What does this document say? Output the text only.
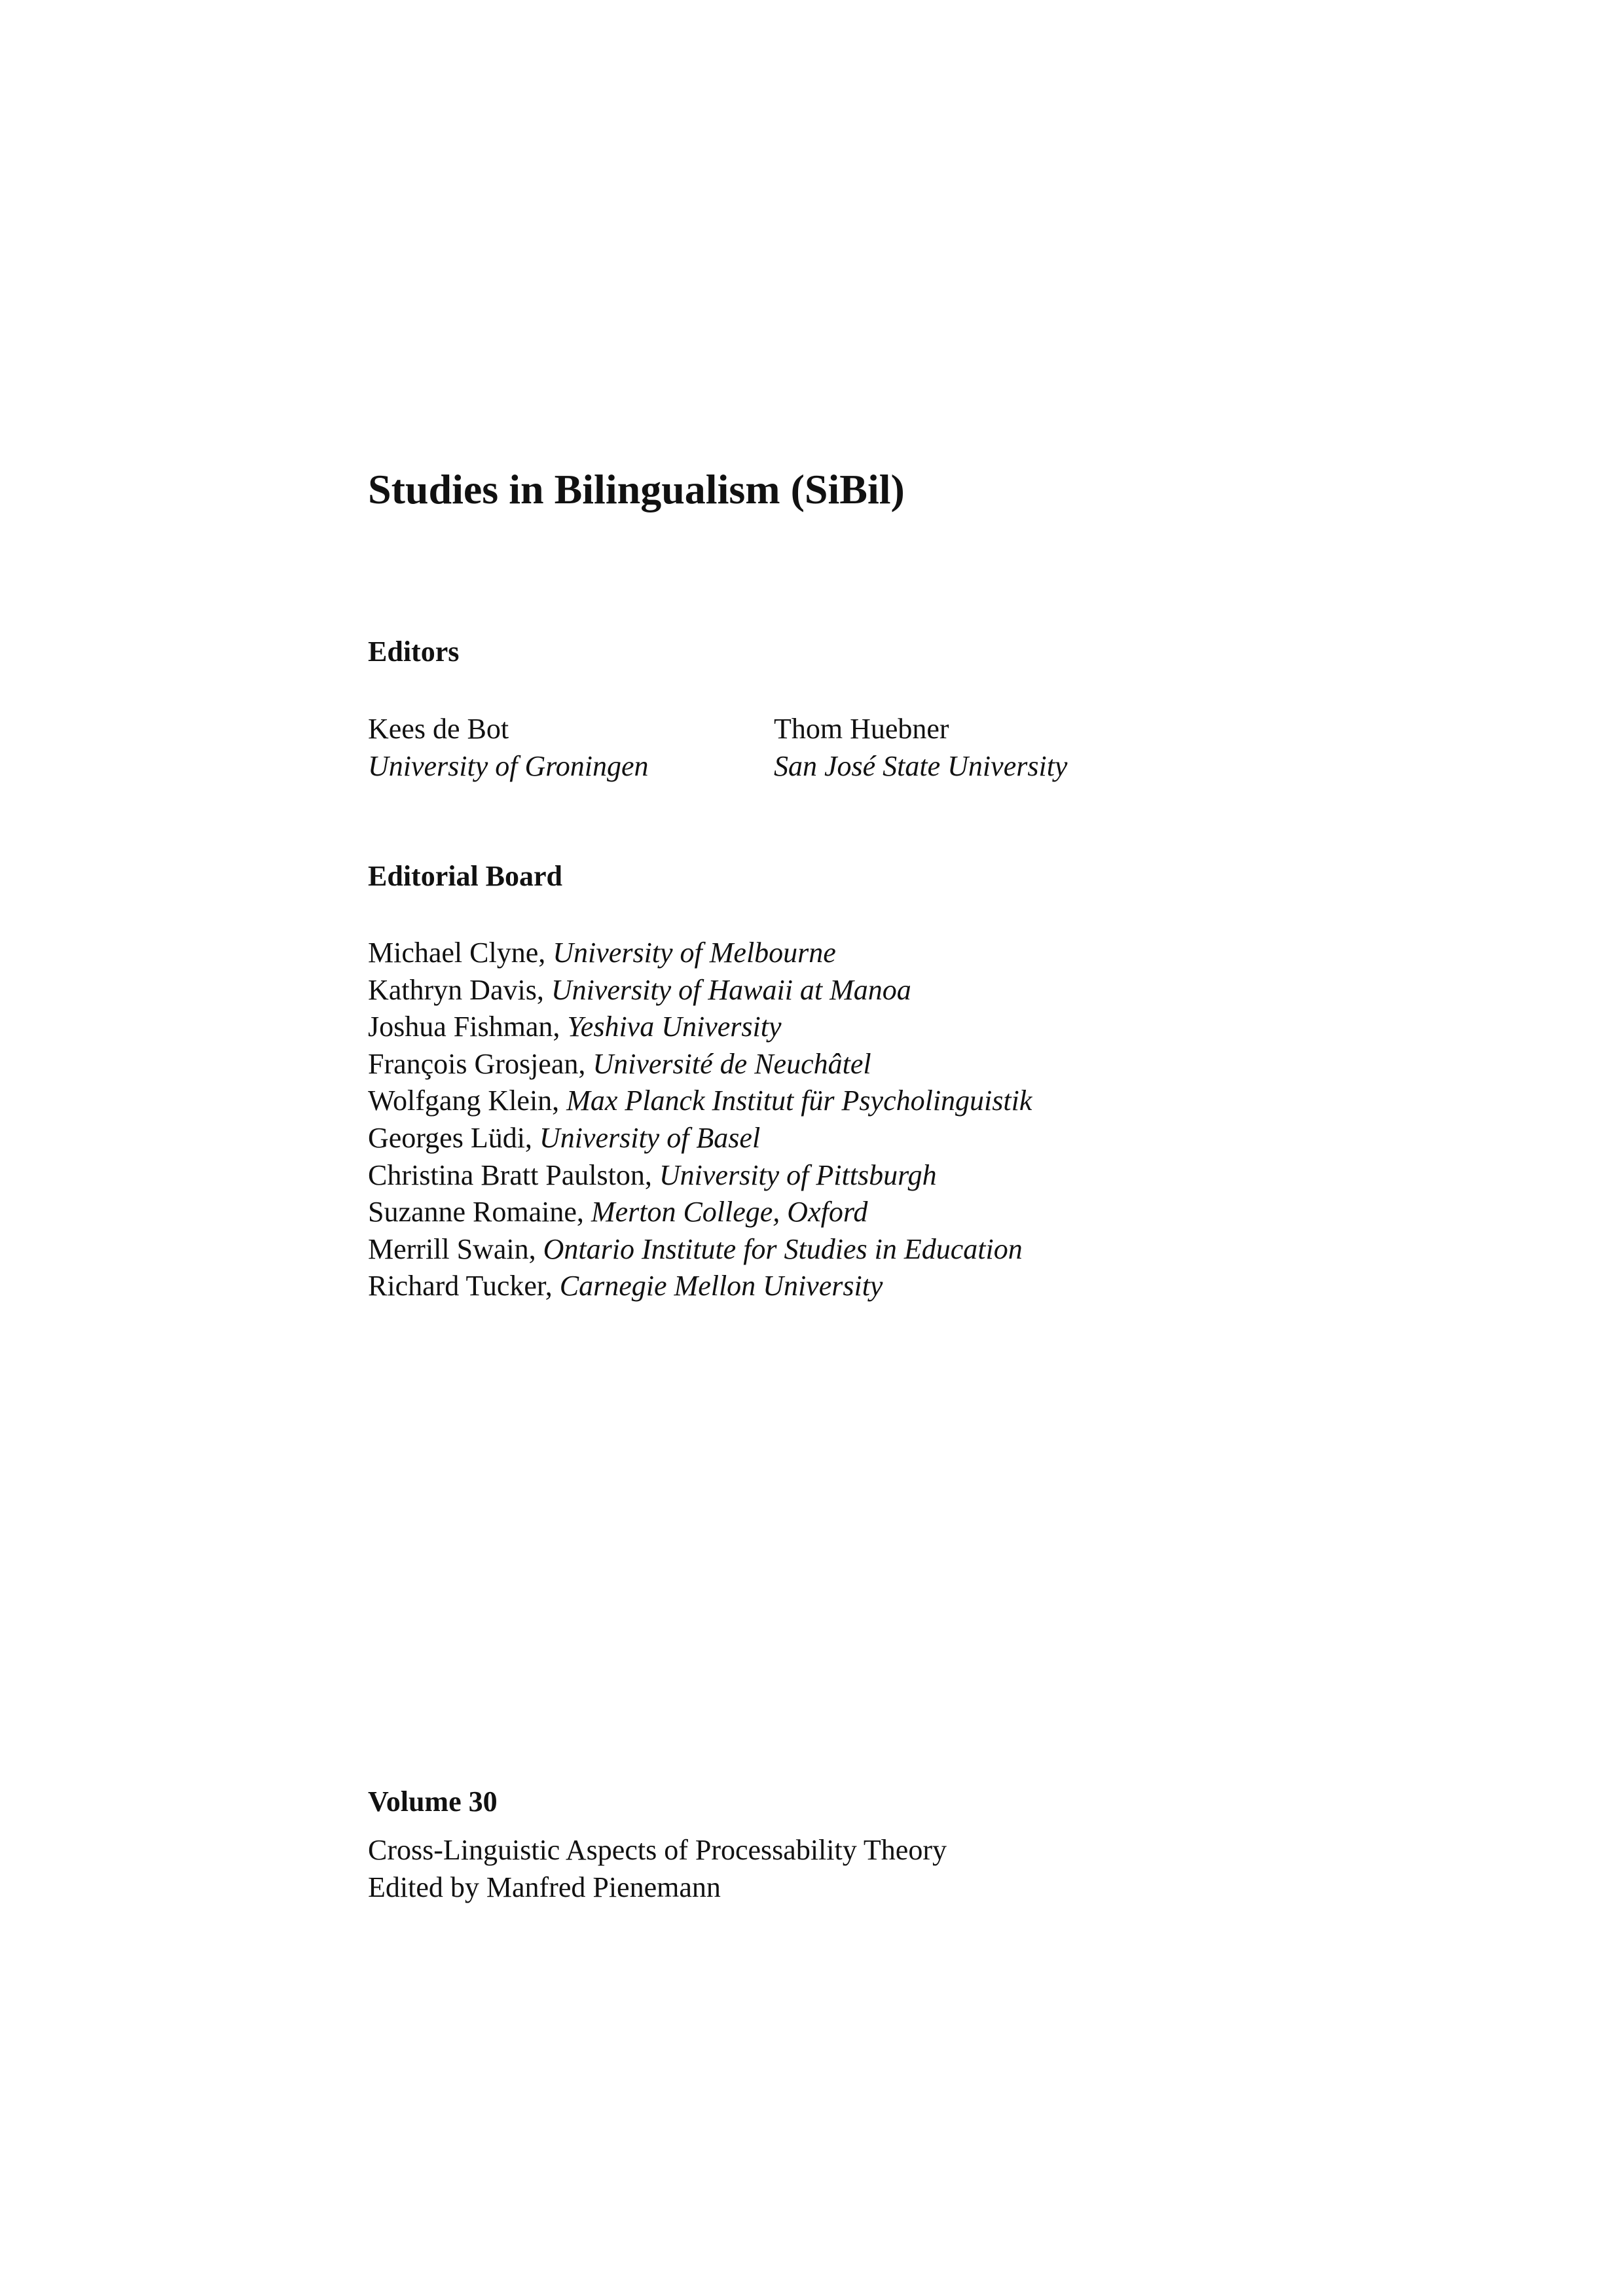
Studies in Bilingualism (SiBil)
Editors
Kees de Bot
University of Groningen
Thom Huebner
San José State University
Editorial Board
Michael Clyne, University of Melbourne
Kathryn Davis, University of Hawaii at Manoa
Joshua Fishman, Yeshiva University
François Grosjean, Université de Neuchâtel
Wolfgang Klein, Max Planck Institut für Psycholinguistik
Georges Lüdi, University of Basel
Christina Bratt Paulston, University of Pittsburgh
Suzanne Romaine, Merton College, Oxford
Merrill Swain, Ontario Institute for Studies in Education
Richard Tucker, Carnegie Mellon University
Volume 30
Cross-Linguistic Aspects of Processability Theory
Edited by Manfred Pienemann
